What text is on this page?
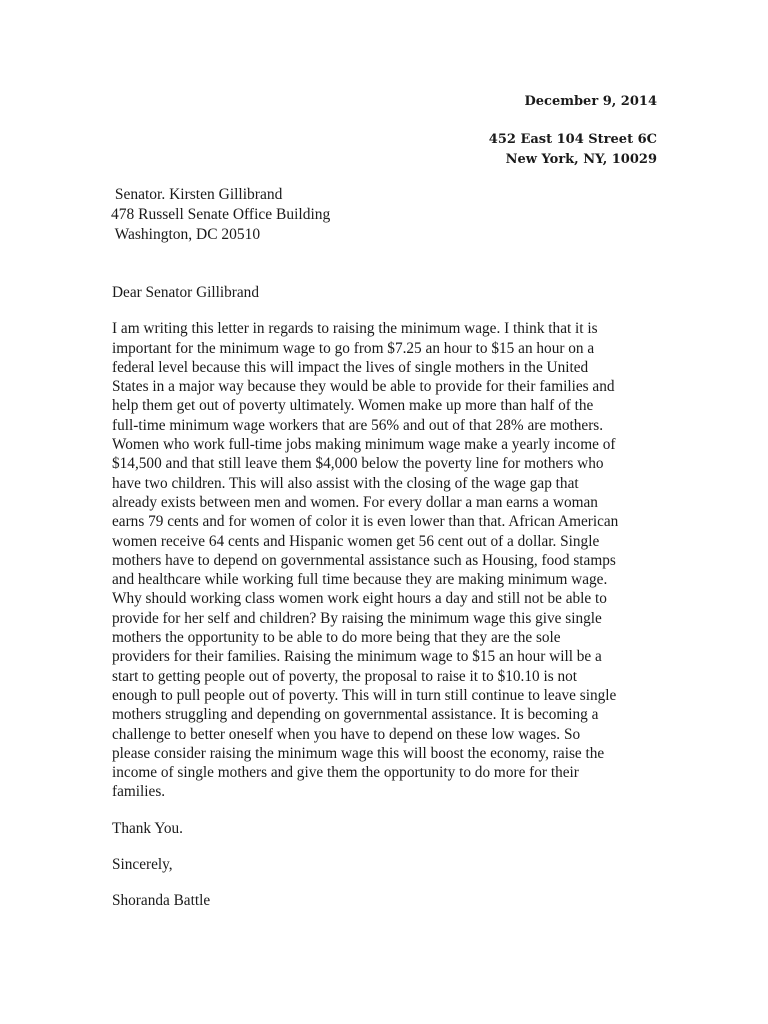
December 9, 2014
452 East 104 Street 6C
New York, NY, 10029
Senator. Kirsten Gillibrand
478 Russell Senate Office Building
Washington, DC 20510

Dear Senator Gillibrand

I am writing this letter in regards to raising the minimum wage. I think that it is
important for the minimum wage to go from $7.25 an hour to $15 an hour on a
federal level because this will impact the lives of single mothers in the United
States in a major way because they would be able to provide for their families and
help them get out of poverty ultimately. Women make up more than half of the
full-time minimum wage workers that are 56% and out of that 28% are mothers.
Women who work full-time jobs making minimum wage make a yearly income of
$14,500 and that still leave them $4,000 below the poverty line for mothers who
have two children. This will also assist with the closing of the wage gap that
already exists between men and women. For every dollar a man earns a woman
earns 79 cents and for women of color it is even lower than that. African American
women receive 64 cents and Hispanic women get 56 cent out of a dollar. Single
mothers have to depend on governmental assistance such as Housing, food stamps
and healthcare while working full time because they are making minimum wage.
Why should working class women work eight hours a day and still not be able to
provide for her self and children? By raising the minimum wage this give single
mothers the opportunity to be able to do more being that they are the sole
providers for their families. Raising the minimum wage to $15 an hour will be a
start to getting people out of poverty, the proposal to raise it to $10.10 is not
enough to pull people out of poverty. This will in turn still continue to leave single
mothers struggling and depending on governmental assistance. It is becoming a
challenge to better oneself when you have to depend on these low wages. So
please consider raising the minimum wage this will boost the economy, raise the
income of single mothers and give them the opportunity to do more for their
families.

Thank You.

Sincerely,

Shoranda Battle
